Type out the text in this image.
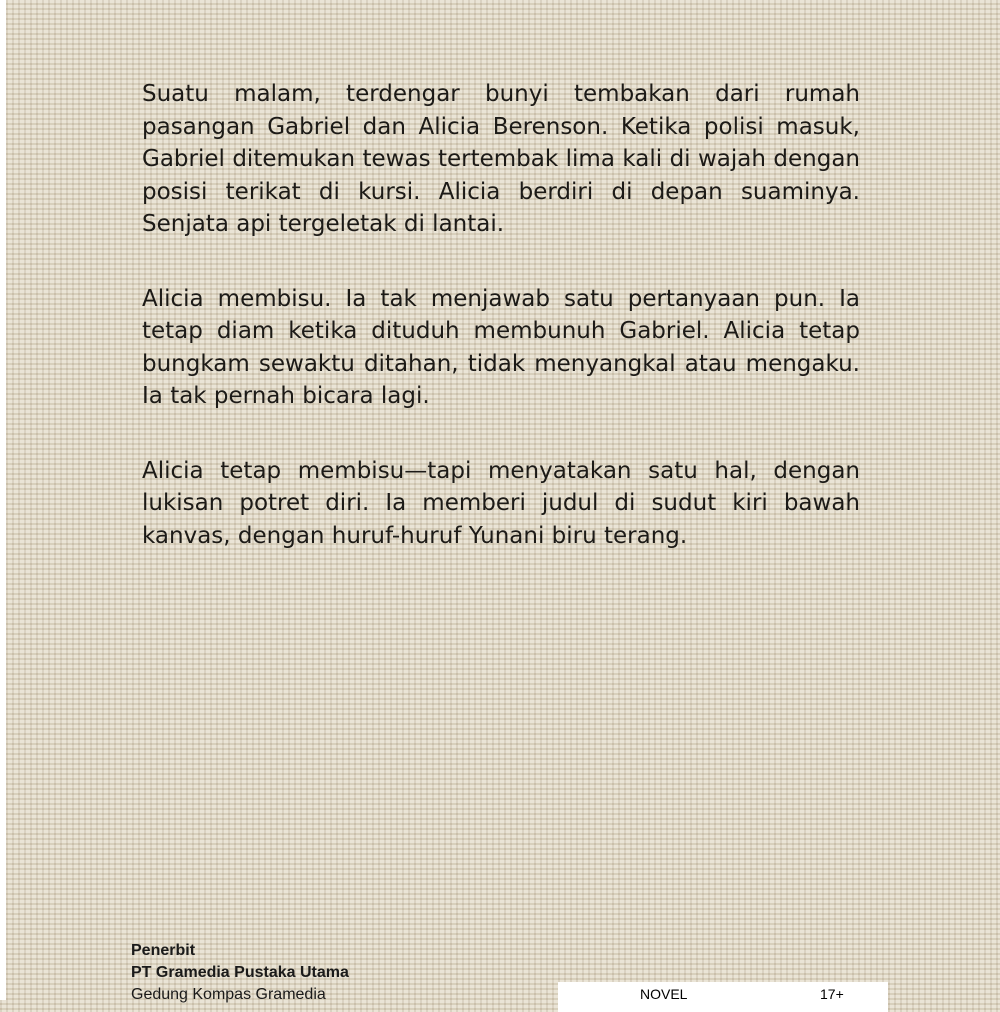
Suatu malam, terdengar bunyi tembakan dari rumah pasangan Gabriel dan Alicia Berenson. Ketika polisi masuk, Gabriel ditemukan tewas tertembak lima kali di wajah dengan posisi terikat di kursi. Alicia berdiri di depan suaminya. Senjata api tergeletak di lantai.

Alicia membisu. Ia tak menjawab satu pertanyaan pun. Ia tetap diam ketika dituduh membunuh Gabriel. Alicia tetap bungkam sewaktu ditahan, tidak menyangkal atau mengaku. Ia tak pernah bicara lagi.

Alicia tetap membisu—tapi menyatakan satu hal, dengan lukisan potret diri. Ia memberi judul di sudut kiri bawah kanvas, dengan huruf-huruf Yunani biru terang.

Penerbit
PT Gramedia Pustaka Utama
Gedung Kompas Gramedia	NOVEL	17+
